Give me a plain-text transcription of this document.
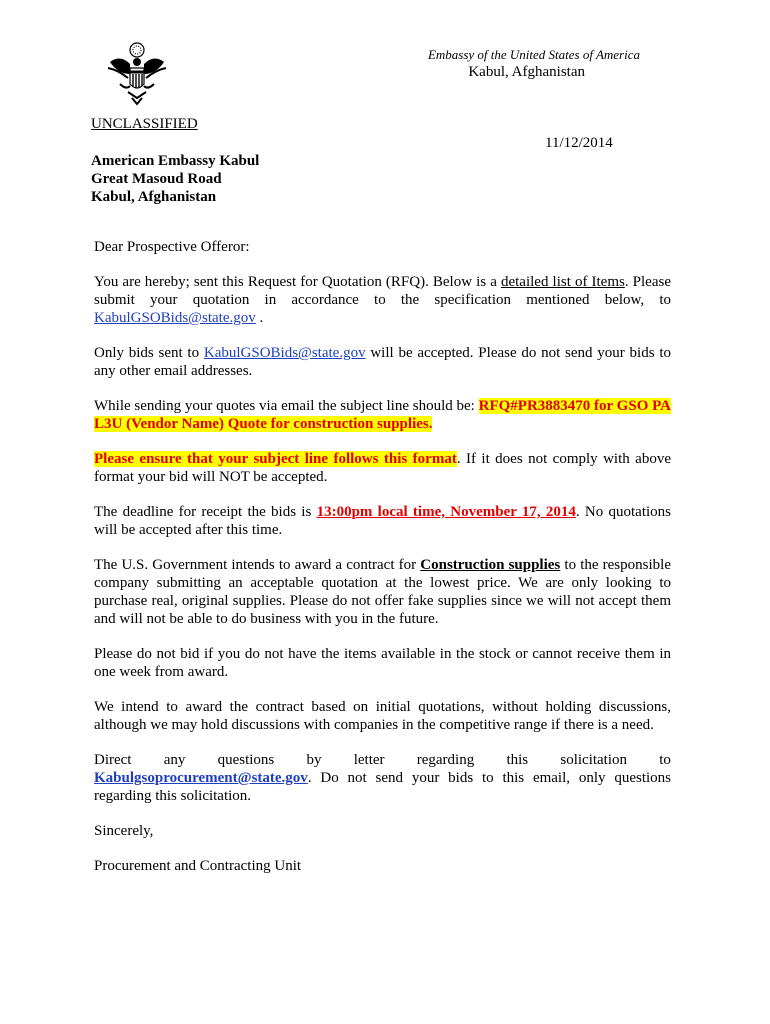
Embassy of the United States of America
Kabul, Afghanistan
UNCLASSIFIED
11/12/2014
American Embassy Kabul
Great Masoud Road
Kabul, Afghanistan

Dear Prospective Offeror:

You are hereby; sent this Request for Quotation (RFQ). Below is a detailed list of Items. Please submit your quotation in accordance to the specification mentioned below, to KabulGSOBids@state.gov .

Only bids sent to KabulGSOBids@state.gov will be accepted. Please do not send your bids to any other email addresses.

While sending your quotes via email the subject line should be: RFQ#PR3883470 for GSO PA L3U (Vendor Name) Quote for construction supplies.

Please ensure that your subject line follows this format. If it does not comply with above format your bid will NOT be accepted.

The deadline for receipt the bids is 13:00pm local time, November 17, 2014. No quotations will be accepted after this time.

The U.S. Government intends to award a contract for Construction supplies to the responsible company submitting an acceptable quotation at the lowest price. We are only looking to purchase real, original supplies. Please do not offer fake supplies since we will not accept them and will not be able to do business with you in the future.

Please do not bid if you do not have the items available in the stock or cannot receive them in one week from award.

We intend to award the contract based on initial quotations, without holding discussions, although we may hold discussions with companies in the competitive range if there is a need.

Direct any questions by letter regarding this solicitation to
Kabulgsoprocurement@state.gov. Do not send your bids to this email, only questions regarding this solicitation.

Sincerely,

Procurement and Contracting Unit
